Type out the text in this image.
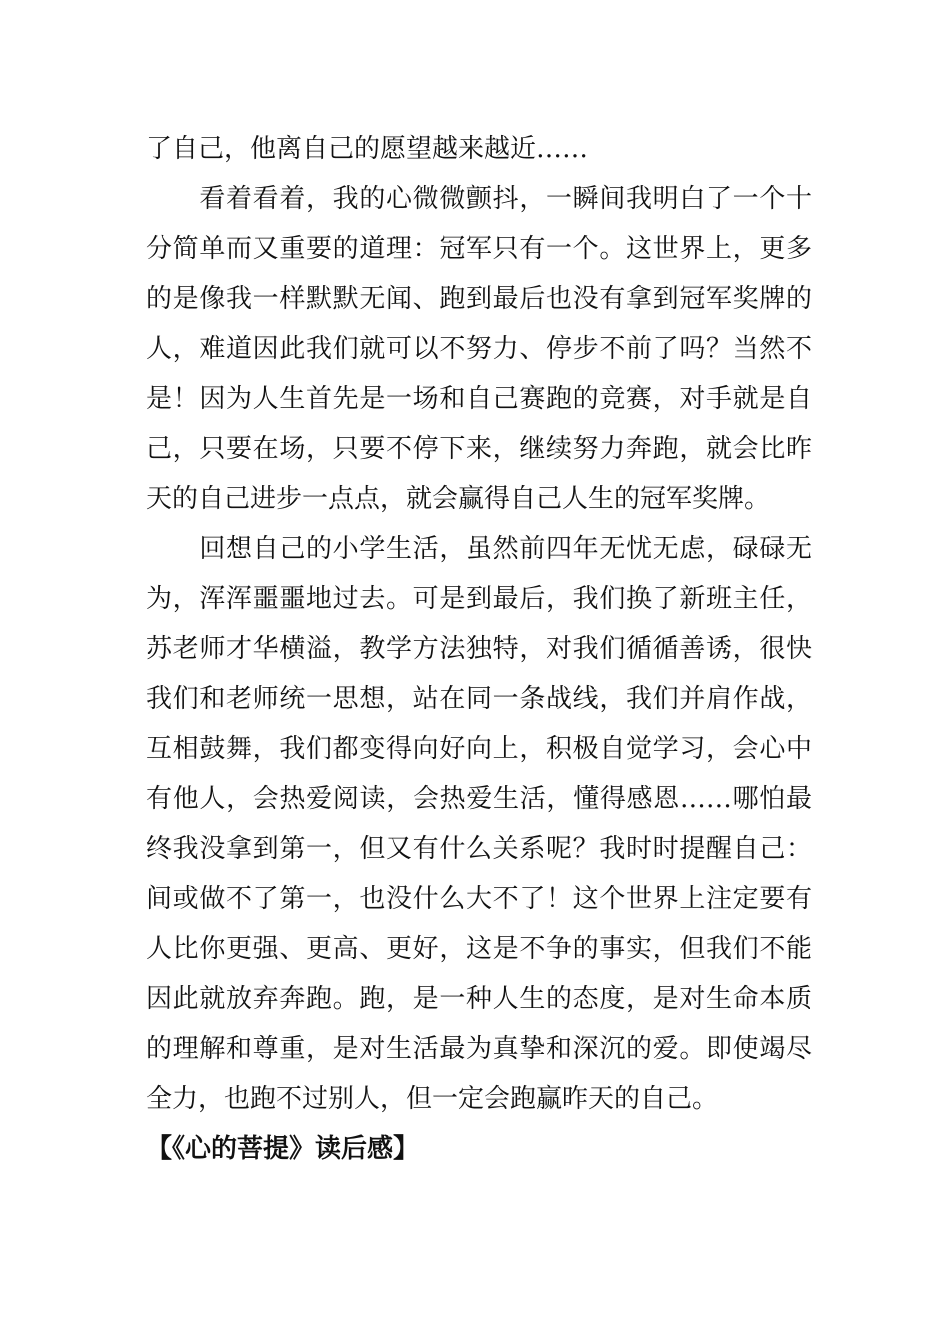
了自己，他离自己的愿望越来越近……
　　看着看着，我的心微微颤抖，一瞬间我明白了一个十
分简单而又重要的道理：冠军只有一个。这世界上，更多
的是像我一样默默无闻、跑到最后也没有拿到冠军奖牌的
人，难道因此我们就可以不努力、停步不前了吗？当然不
是！因为人生首先是一场和自己赛跑的竞赛，对手就是自
己，只要在场，只要不停下来，继续努力奔跑，就会比昨
天的自己进步一点点，就会赢得自己人生的冠军奖牌。
　　回想自己的小学生活，虽然前四年无忧无虑，碌碌无
为，浑浑噩噩地过去。可是到最后，我们换了新班主任，
苏老师才华横溢，教学方法独特，对我们循循善诱，很快
我们和老师统一思想，站在同一条战线，我们并肩作战，
互相鼓舞，我们都变得向好向上，积极自觉学习，会心中
有他人，会热爱阅读，会热爱生活，懂得感恩……哪怕最
终我没拿到第一，但又有什么关系呢？我时时提醒自己：
间或做不了第一，也没什么大不了！这个世界上注定要有
人比你更强、更高、更好，这是不争的事实，但我们不能
因此就放弃奔跑。跑，是一种人生的态度，是对生命本质
的理解和尊重，是对生活最为真挚和深沉的爱。即使竭尽
全力，也跑不过别人，但一定会跑赢昨天的自己。
【《心的菩提》读后感】
